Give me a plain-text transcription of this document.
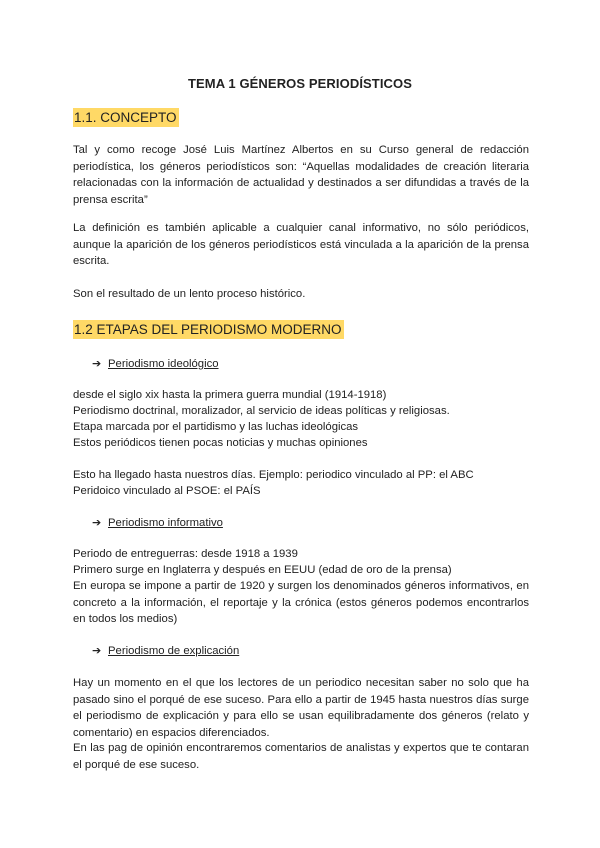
TEMA 1 GÉNEROS PERIODÍSTICOS
1.1. CONCEPTO

Tal y como recoge José Luis Martínez Albertos en su Curso general de redacción periodística, los géneros periodísticos son: “Aquellas modalidades de creación literaria relacionadas con la información de actualidad y destinados a ser difundidas a través de la prensa escrita”

La definición es también aplicable a cualquier canal informativo, no sólo periódicos, aunque la aparición de los géneros periodísticos está vinculada a la aparición de la prensa escrita.

Son el resultado de un lento proceso histórico.

1.2 ETAPAS DEL PERIODISMO MODERNO
➔ Periodismo ideológico
desde el siglo xix hasta la primera guerra mundial (1914-1918)
Periodismo doctrinal, moralizador, al servicio de ideas políticas y religiosas.
Etapa marcada por el partidismo y las luchas ideológicas
Estos periódicos tienen pocas noticias y muchas opiniones
Esto ha llegado hasta nuestros días. Ejemplo: periodico vinculado al PP: el ABC
Peridoico vinculado al PSOE: el PAÍS
➔ Periodismo informativo
Periodo de entreguerras: desde 1918 a 1939
Primero surge en Inglaterra y después en EEUU (edad de oro de la prensa)

En europa se impone a partir de 1920 y surgen los denominados géneros informativos, en concreto a la información, el reportaje y la crónica (estos géneros podemos encontrarlos en todos los medios)

➔ Periodismo de explicación

Hay un momento en el que los lectores de un periodico necesitan saber no solo que ha pasado sino el porqué de ese suceso. Para ello a partir de 1945 hasta nuestros días surge el periodismo de explicación y para ello se usan equilibradamente dos géneros (relato y comentario) en espacios diferenciados.

En las pag de opinión encontraremos comentarios de analistas y expertos que te contaran el porqué de ese suceso.
